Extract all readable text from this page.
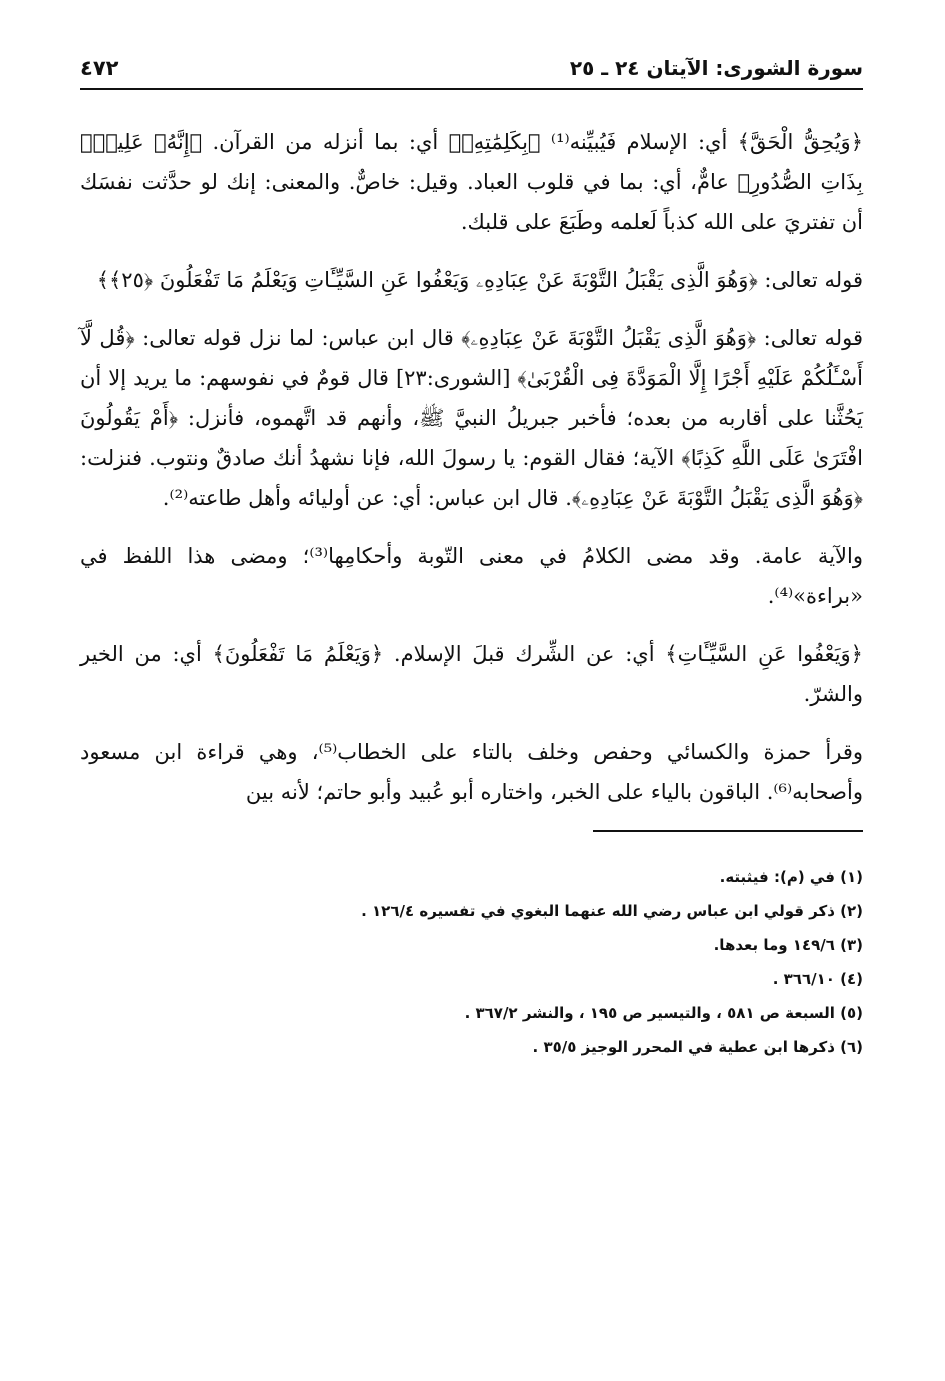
سورة الشورى: الآيتان ٢٤ ـ ٢٥
٤٧٢

﴿وَيُحِقُّ الْحَقَّ﴾ أي: الإسلام فَيُبيِّنه⁽¹⁾ ﴿بِكَلِمَٰتِهِۦ﴾ أي: بما أنزله من القرآن. ﴿إِنَّهُۥ عَلِيمٌۢ بِذَاتِ الصُّدُورِ﴾ عامٌّ، أي: بما في قلوب العباد. وقيل: خاصٌّ. والمعنى: إنك لو حدَّثت نفسَك أن تفتريَ على الله كذباً لَعلمه وطَبَعَ على قلبك.

قوله تعالى: ﴿وَهُوَ الَّذِى يَقْبَلُ التَّوْبَةَ عَنْ عِبَادِهِۦ وَيَعْفُوا عَنِ السَّيِّـَٔاتِ وَيَعْلَمُ مَا تَفْعَلُونَ ﴿٢٥﴾﴾

قوله تعالى: ﴿وَهُوَ الَّذِى يَقْبَلُ التَّوْبَةَ عَنْ عِبَادِهِۦ﴾ قال ابن عباس: لما نزل قوله تعالى: ﴿قُل لَّآ أَسْـَٔلُكُمْ عَلَيْهِ أَجْرًا إِلَّا الْمَوَدَّةَ فِى الْقُرْبَىٰ﴾ [الشورى:٢٣] قال قومٌ في نفوسهم: ما يريد إلا أن يَحُثَّنا على أقاربه من بعده؛ فأخبر جبريلُ النبيَّ ﷺ، وأنهم قد اتَّهموه، فأنزل: ﴿أَمْ يَقُولُونَ افْتَرَىٰ عَلَى اللَّهِ كَذِبًا﴾ الآية؛ فقال القوم: يا رسولَ الله، فإنا نشهدُ أنك صادقٌ ونتوب. فنزلت: ﴿وَهُوَ الَّذِى يَقْبَلُ التَّوْبَةَ عَنْ عِبَادِهِۦ﴾. قال ابن عباس: أي: عن أوليائه وأهل طاعته⁽²⁾.

والآية عامة. وقد مضى الكلامُ في معنى التّوبة وأحكامِها⁽³⁾؛ ومضى هذا اللفظ في «براءة»⁽⁴⁾.

﴿وَيَعْفُوا عَنِ السَّيِّـَٔاتِ﴾ أي: عن الشِّرك قبلَ الإسلام. ﴿وَيَعْلَمُ مَا تَفْعَلُونَ﴾ أي: من الخير والشرّ.

وقرأ حمزة والكسائي وحفص وخلف بالتاء على الخطاب⁽⁵⁾، وهي قراءة ابن مسعود وأصحابه⁽⁶⁾. الباقون بالياء على الخبر، واختاره أبو عُبيد وأبو حاتم؛ لأنه بين

(١) في (م): فيثبته.
(٢) ذكر قولي ابن عباس رضي الله عنهما البغوي في تفسيره ١٢٦/٤ .
(٣) ١٤٩/٦ وما بعدها.
(٤) ٣٦٦/١٠ .
(٥) السبعة ص ٥٨١ ، والتيسير ص ١٩٥ ، والنشر ٣٦٧/٢ .
(٦) ذكرها ابن عطية في المحرر الوجيز ٣٥/٥ .
